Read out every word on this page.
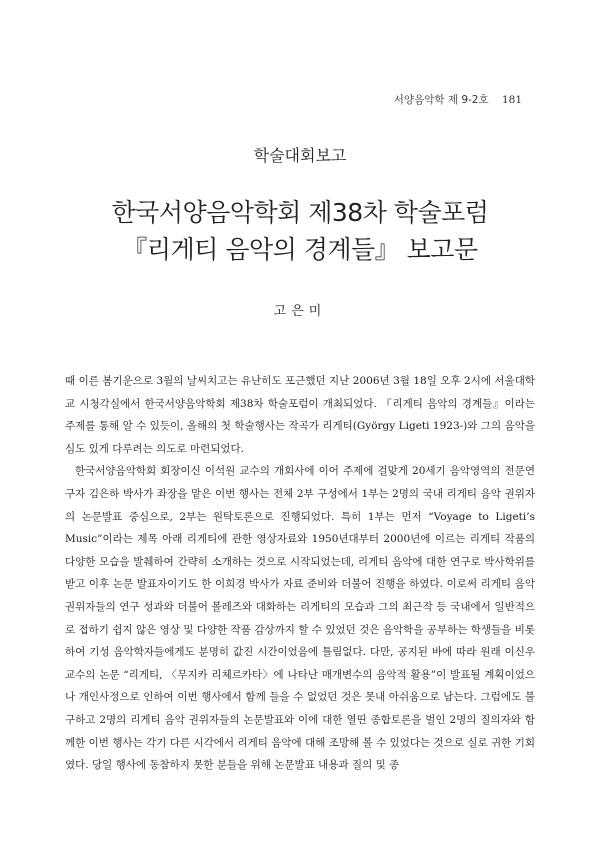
서양음악학 제 9-2호 181
학술대회보고
한국서양음악학회 제38차 학술포럼
『리게티 음악의 경계들』 보고문
고은미

때 이른 봄기운으로 3월의 날씨치고는 유난히도 포근했던 지난 2006년 3월 18일 오후 2시에 서울대학교 시청각실에서 한국서양음악학회 제38차 학술포럼이 개최되었다. 『리게티 음악의 경계들』이라는 주제를 통해 알 수 있듯이, 올해의 첫 학술행사는 작곡가 리게티(György Ligeti 1923-)와 그의 음악을 심도 있게 다루려는 의도로 마련되었다.

한국서양음악학회 회장이신 이석원 교수의 개회사에 이어 주제에 걸맞게 20세기 음악영역의 전문연구자 김은하 박사가 좌장을 맡은 이번 행사는 전체 2부 구성에서 1부는 2명의 국내 리게티 음악 권위자의 논문발표 중심으로, 2부는 원탁토론으로 진행되었다. 특히 1부는 먼저 “Voyage to Ligeti’s Music”이라는 제목 아래 리게티에 관한 영상자료와 1950년대부터 2000년에 이르는 리게티 작품의 다양한 모습을 발췌하여 간략히 소개하는 것으로 시작되었는데, 리게티 음악에 대한 연구로 박사학위를 받고 이후 논문 발표자이기도 한 이희경 박사가 자료 준비와 더불어 진행을 하였다. 이로써 리게티 음악 권위자들의 연구 성과와 더불어 볼레즈와 대화하는 리게티의 모습과 그의 최근작 등 국내에서 일반적으로 접하기 쉽지 않은 영상 및 다양한 작품 감상까지 할 수 있었던 것은 음악학을 공부하는 학생들을 비롯하여 기성 음악학자들에게도 분명히 값진 시간이었음에 틀림없다. 다만, 공지된 바에 따라 원래 이신우 교수의 논문 “리게티, 〈무지카 리체르카타〉에 나타난 매개변수의 음악적 활용”이 발표될 계획이었으나 개인사정으로 인하여 이번 행사에서 함께 들을 수 없었던 것은 못내 아쉬움으로 남는다. 그럼에도 불구하고 2명의 리게티 음악 권위자들의 논문발표와 이에 대한 열띤 종합토론을 벌인 2명의 질의자와 함께한 이번 행사는 각기 다른 시각에서 리게티 음악에 대해 조망해 볼 수 있었다는 것으로 실로 귀한 기회였다. 당일 행사에 동참하지 못한 분들을 위해 논문발표 내용과 질의 및 종
